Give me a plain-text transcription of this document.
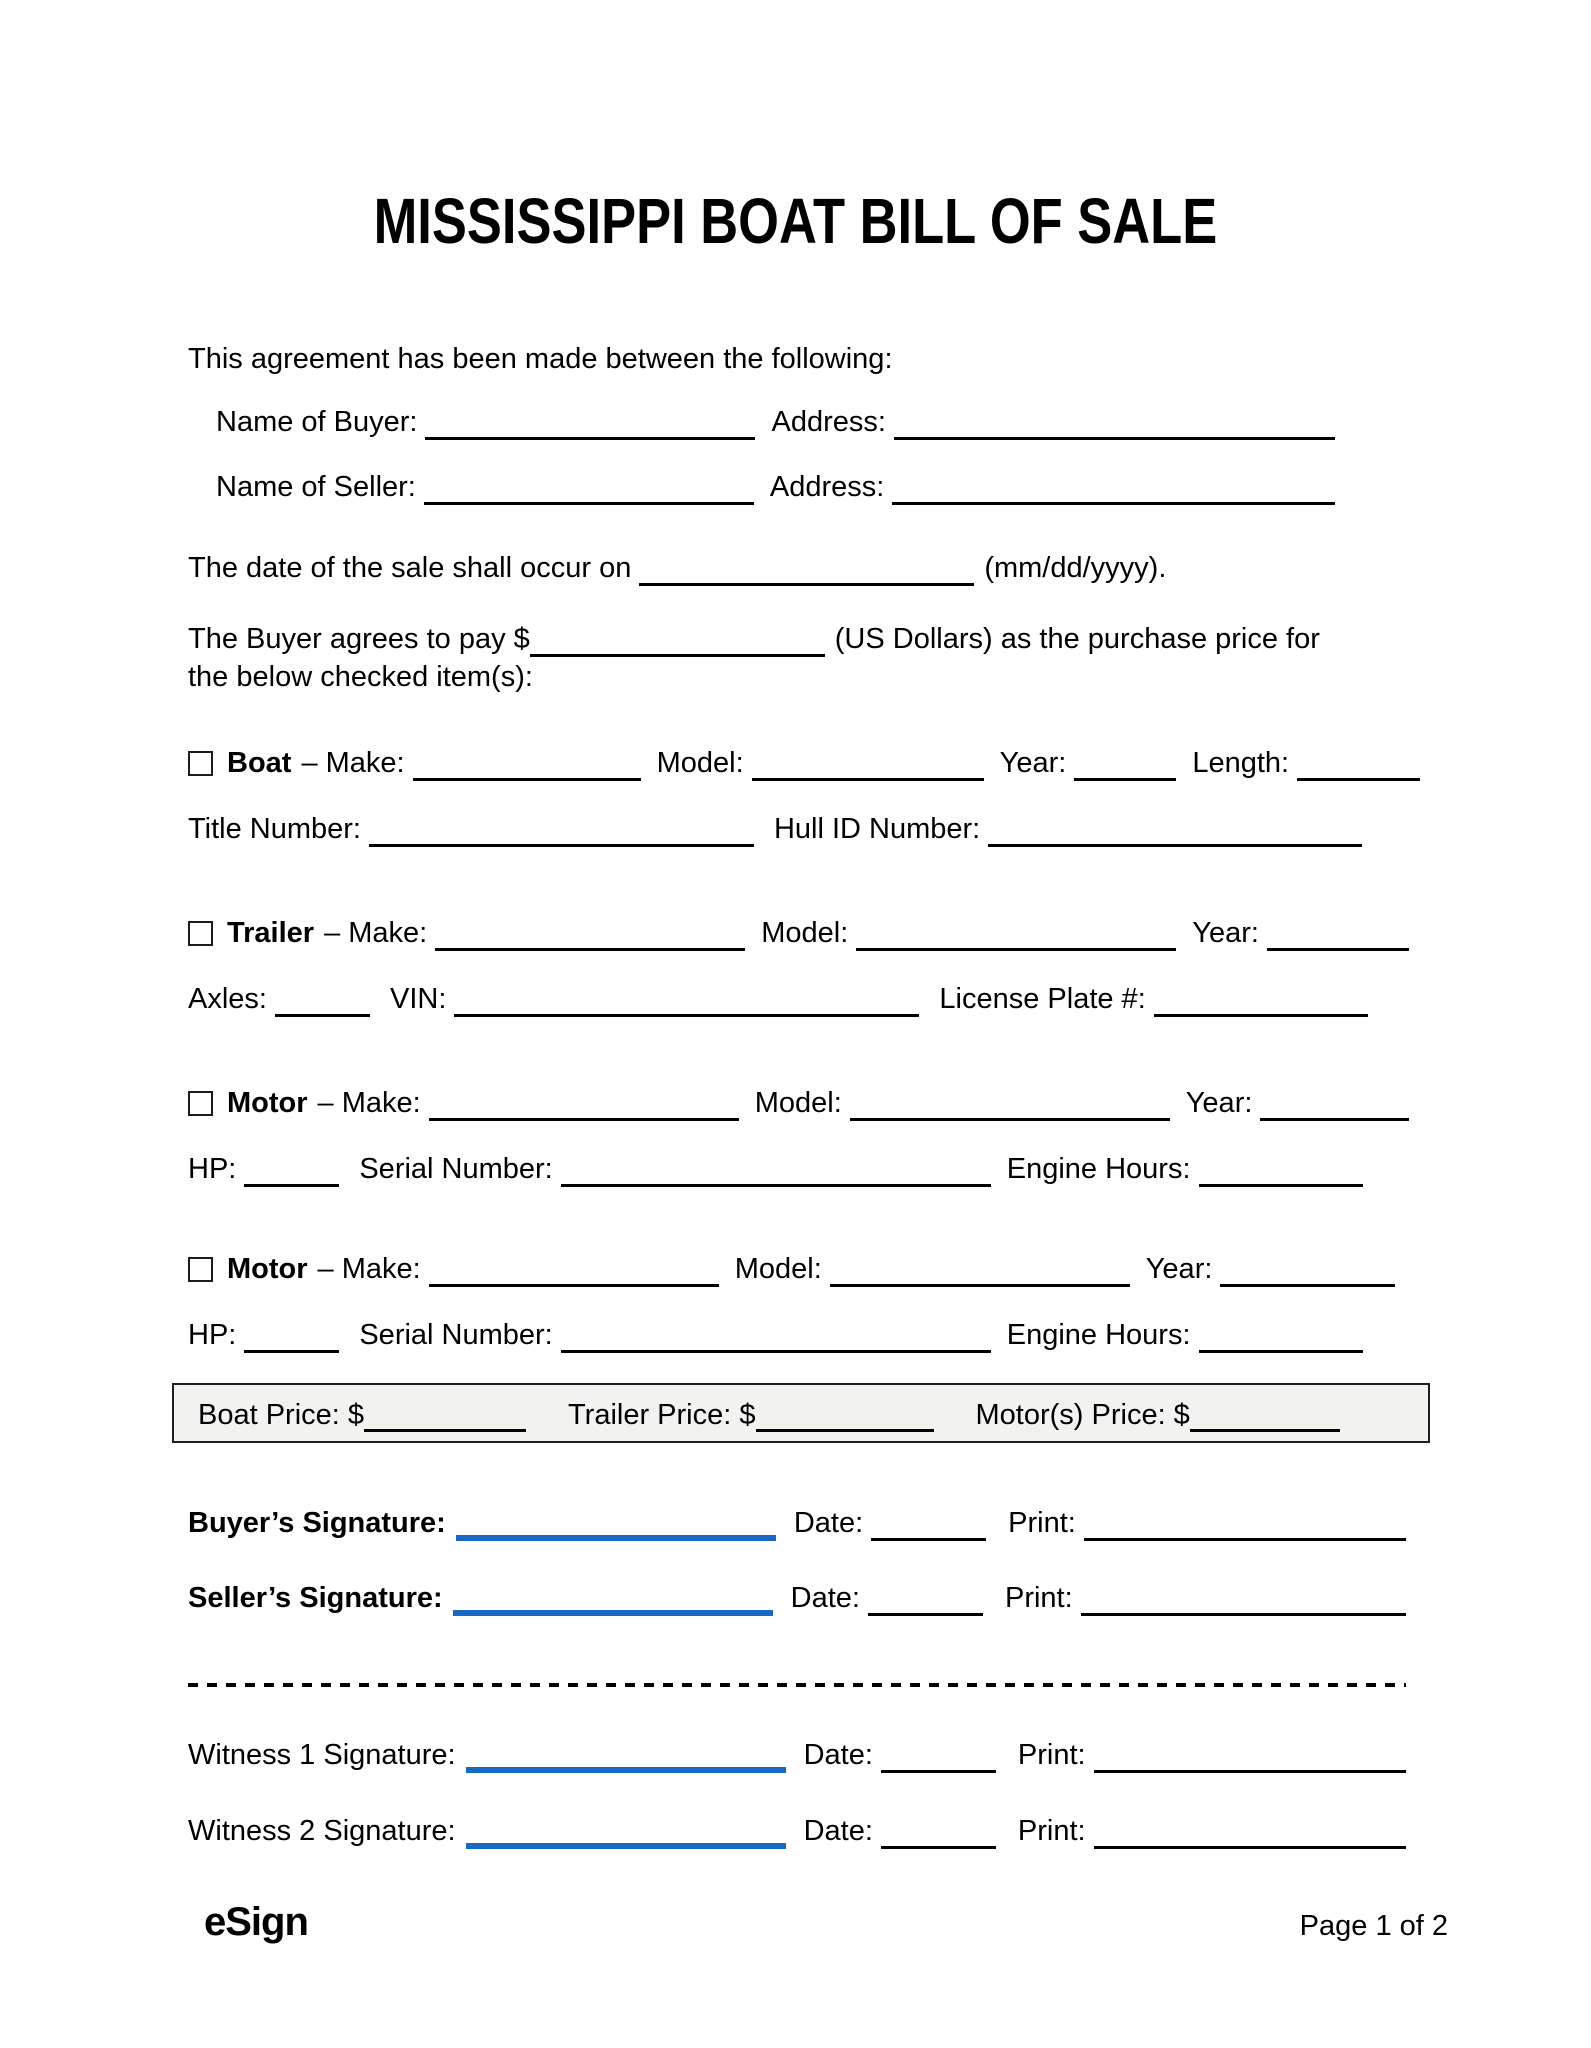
MISSISSIPPI BOAT BILL OF SALE
This agreement has been made between the following:
Name of Buyer:	Address:
Name of Seller:	Address:
The date of the sale shall occur on	(mm/dd/yyyy).
The Buyer agrees to pay $	(US Dollars) as the purchase price for
the below checked item(s):
Boat – Make:	Model:	Year:	Length:
Title Number:	Hull ID Number:
Trailer – Make:	Model:	Year:
Axles:	VIN:	License Plate #:
Motor – Make:	Model:	Year:
HP:	Serial Number:	Engine Hours:
Motor – Make:	Model:	Year:
HP:	Serial Number:	Engine Hours:
Boat Price: $	Trailer Price: $	Motor(s) Price: $
Buyer’s Signature:	Date:	Print:
Seller’s Signature:	Date:	Print:
Witness 1 Signature:	Date:	Print:
Witness 2 Signature:	Date:	Print:
eSign	Page 1 of 2
